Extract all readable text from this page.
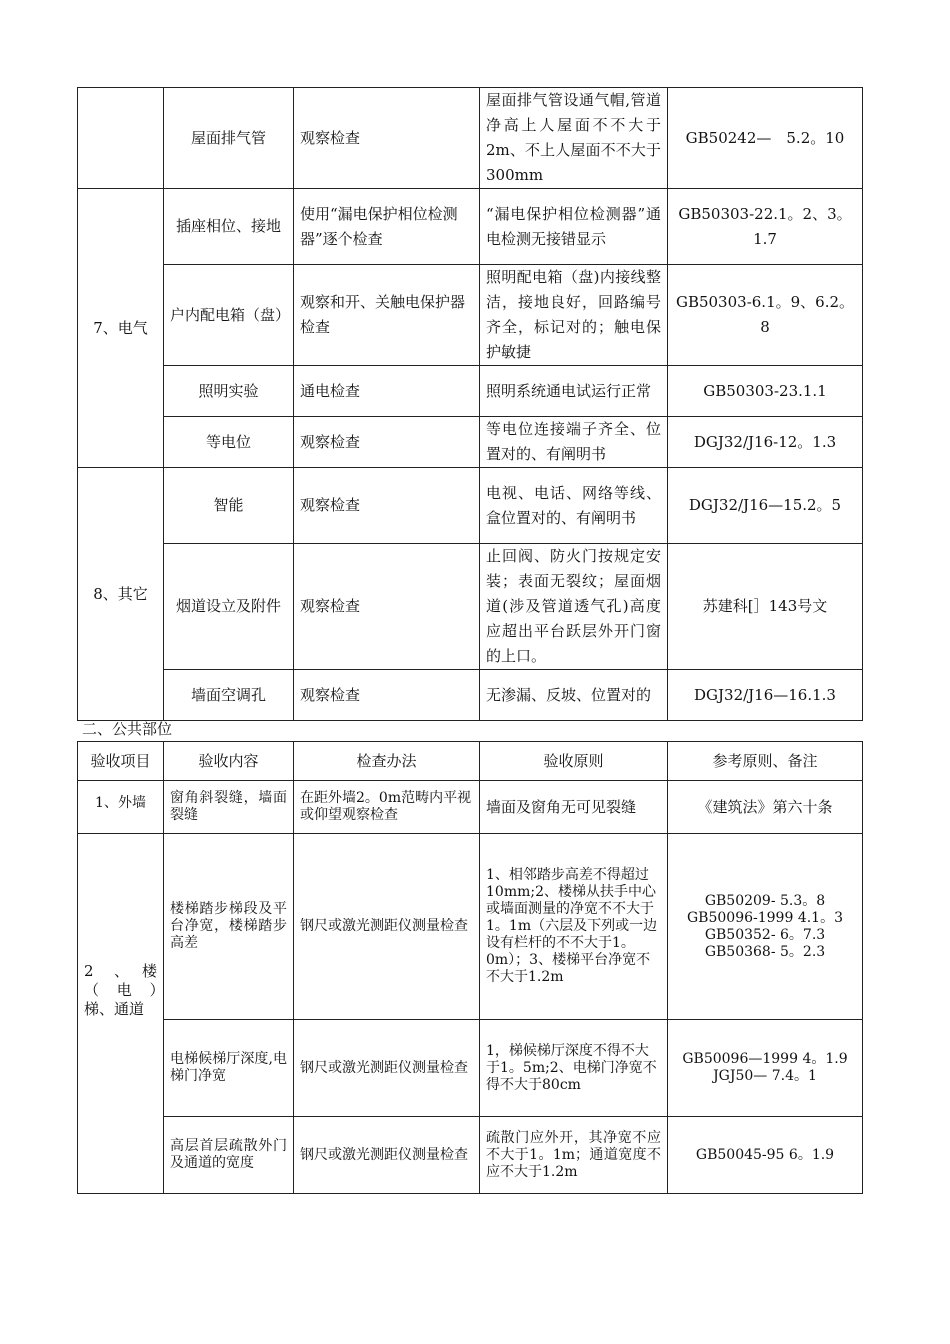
	屋面排气管	观察检查	屋面排气管设通气帽,管道净高上人屋面不不大于2m、不上人屋面不不大于300mm	GB50242—　5.2。10
7、电气	插座相位、接地	使用“漏电保护相位检测器”逐个检查	“漏电保护相位检测器”通电检测无接错显示	GB50303-22.1。2、3。1.7
	户内配电箱（盘）	观察和开、关触电保护器检查	照明配电箱（盘)内接线整洁，接地良好，回路编号齐全，标记对的；触电保护敏捷	GB50303-6.1。9、6.2。8
	照明实验	通电检查	照明系统通电试运行正常	GB50303-23.1.1
	等电位	观察检查	等电位连接端子齐全、位置对的、有阐明书	DGJ32/J16-12。1.3
8、其它	智能	观察检查	电视、电话、网络等线、盒位置对的、有阐明书	DGJ32/J16—15.2。5
	烟道设立及附件	观察检查	止回阀、防火门按规定安装；表面无裂纹；屋面烟道(涉及管道透气孔)高度应超出平台跃层外开门窗的上口。	苏建科[］143号文
	墙面空调孔	观察检查	无渗漏、反坡、位置对的	DGJ32/J16—16.1.3
二、公共部位
验收项目	验收内容	检查办法	验收原则	参考原则、备注
1、外墙	窗角斜裂缝，墙面裂缝	在距外墙2。0m范畴内平视或仰望观察检查	墙面及窗角无可见裂缝	《建筑法》第六十条
2　、　楼（　电　）梯、通道	楼梯踏步梯段及平台净宽，楼梯踏步高差	钢尺或激光测距仪测量检查	1、相邻踏步高差不得超过10mm;2、楼梯从扶手中心或墙面测量的净宽不不大于1。1m（六层及下列或一边设有栏杆的不不大于1。0m）；3、楼梯平台净宽不不大于1.2m	GB50209- 5.3。8 GB50096-1999 4.1。3 GB50352- 6。7.3 GB50368- 5。2.3
	电梯候梯厅深度,电梯门净宽	钢尺或激光测距仪测量检查	1，梯候梯厅深度不得不大于1。5m;2、电梯门净宽不得不大于80cm	GB50096—1999 4。1.9 JGJ50— 7.4。1
	高层首层疏散外门及通道的宽度	钢尺或激光测距仪测量检查	疏散门应外开，其净宽不应不大于1。1m；通道宽度不应不大于1.2m	GB50045-95 6。1.9
